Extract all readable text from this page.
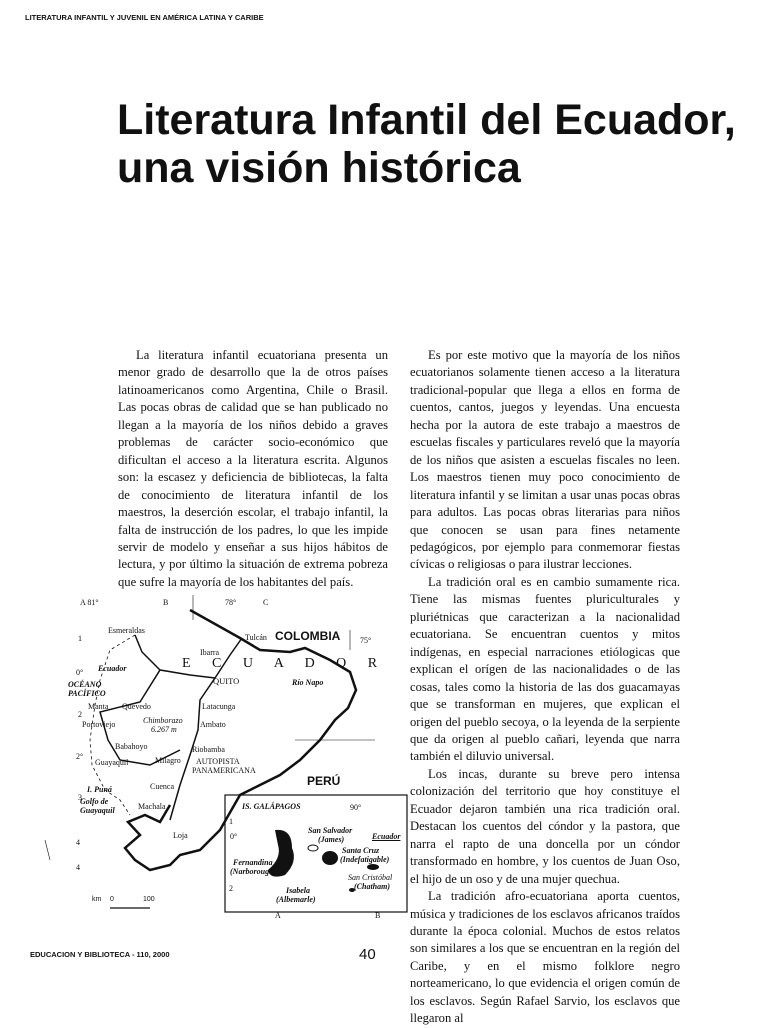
LITERATURA INFANTIL Y JUVENIL EN AMÉRICA LATINA Y CARIBE
Literatura Infantil del Ecuador, una visión histórica

La literatura infantil ecuatoriana presenta un menor grado de desarrollo que la de otros países latinoamericanos como Argentina, Chile o Brasil. Las pocas obras de calidad que se han publicado no llegan a la mayoría de los niños debido a graves problemas de carácter socio-económico que dificultan el acceso a la literatura escrita. Algunos son: la escasez y deficiencia de bibliotecas, la falta de conocimiento de literatura infantil de los maestros, la deserción escolar, el trabajo infantil, la falta de instrucción de los padres, lo que les impide servir de modelo y enseñar a sus hijos hábitos de lectura, y por último la situación de extrema pobreza que sufre la mayoría de los habitantes del país.

Es por este motivo que la mayoría de los niños ecuatorianos solamente tienen acceso a la literatura tradicional-popular que llega a ellos en forma de cuentos, cantos, juegos y leyendas. Una encuesta hecha por la autora de este trabajo a maestros de escuelas fiscales y particulares reveló que la mayoría de los niños que asisten a escuelas fiscales no leen. Los maestros tienen muy poco conocimiento de literatura infantil y se limitan a usar unas pocas obras para adultos. Las pocas obras literarias para niños que conocen se usan para fines netamente pedagógicos, por ejemplo para conmemorar fiestas cívicas o religiosas o para ilustrar lecciones.

La tradición oral es en cambio sumamente rica. Tiene las mismas fuentes pluriculturales y pluriétnicas que caracterizan a la nacionalidad ecuatoriana. Se encuentran cuentos y mitos indígenas, en especial narraciones etiólogicas que explican el orígen de las nacionalidades o de las cosas, tales como la historia de las dos guacamayas que se transforman en mujeres, que explican el origen del pueblo secoya, o la leyenda de la serpiente que da origen al pueblo cañari, leyenda que narra también el diluvio universal.

Los incas, durante su breve pero intensa colonización del territorio que hoy constituye el Ecuador dejaron también una rica tradición oral. Destacan los cuentos del cóndor y la pastora, que narra el rapto de una doncella por un cóndor transformado en hombre, y los cuentos de Juan Oso, el hijo de un oso y de una mujer quechua.

La tradición afro-ecuatoriana aporta cuentos, música y tradiciones de los esclavos africanos traídos durante la época colonial. Muchos de estos relatos son similares a los que se encuentran en la región del Caribe, y en el mismo folklore negro norteamericano, lo que evidencia el origen común de los esclavos. Según Rafael Sarvio, los esclavos que llegaron al

A 81°	B	78°	C
75°
1
0°
2
2°
3
4
4
E C U A D O R
COLOMBIA
PERÚ
OCÉANO
PACÍFICO
Ecuador
Esmeraldas
Tulcán
Ibarra
QUITO
Manta Quevedo	Latacunga
Portoviejo	Ambato
Babahoyo	Riobamba
Guayaquil	Milagro
Cuenca
Machala
Loja
Río Napo
Chimborazo
6.267 m
AUTOPISTA
PANAMERICANA
I. Puná
Golfo de
Guayaquil
km 0	100
IS. GALÁPAGOS	90°
1
0°
2
A	B
Ecuador
San Salvador
(James)
Santa Cruz
(Indefatigable)
Fernandina
(Narborough)
San Cristóbal
(Chatham)
Isabela
(Albemarle)
EDUCACION Y BIBLIOTECA - 110, 2000	40
